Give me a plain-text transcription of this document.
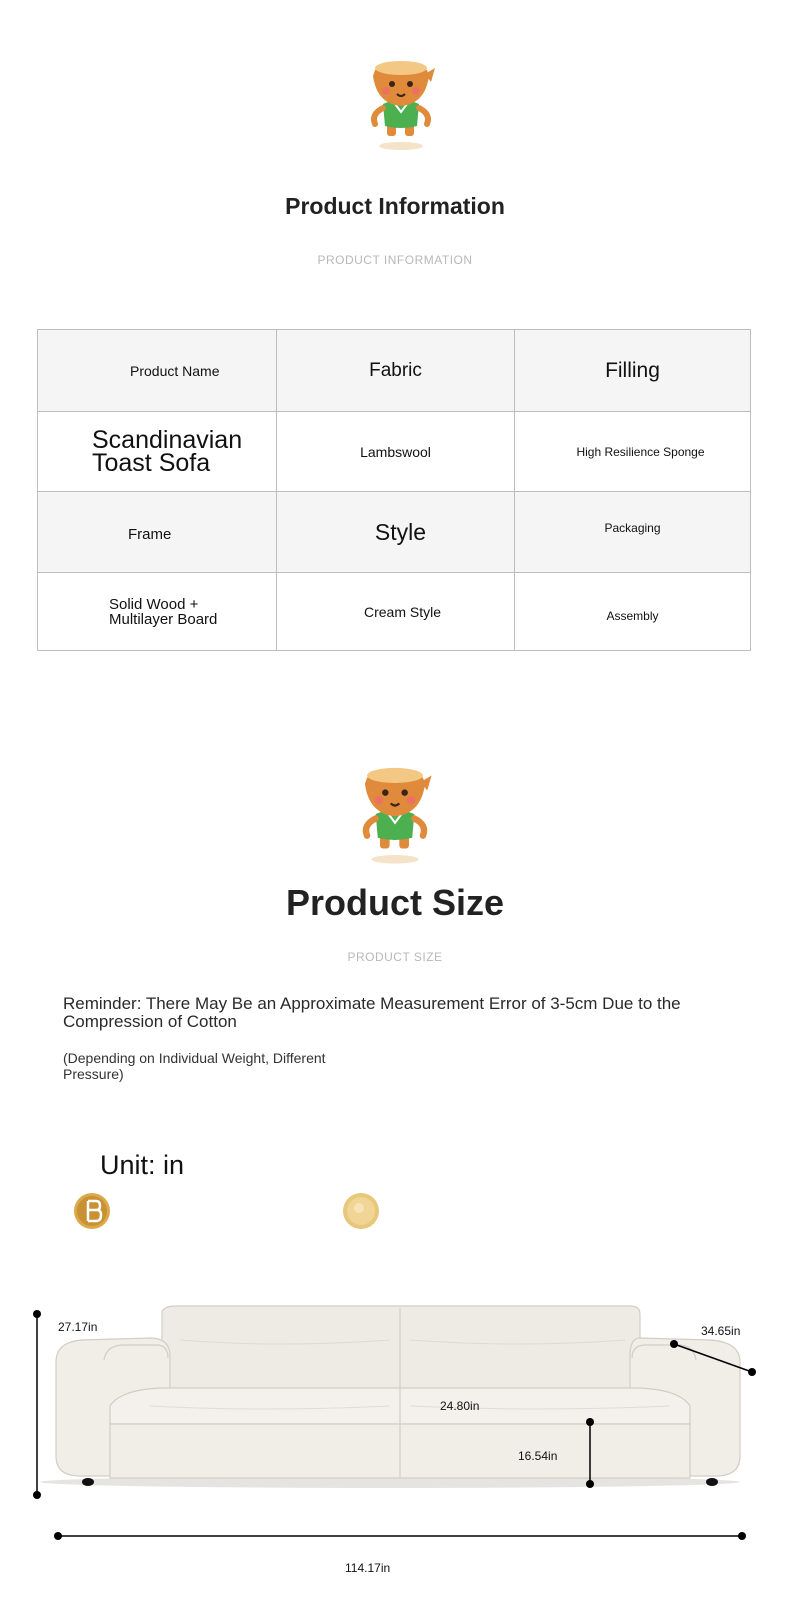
Product Information
PRODUCT INFORMATION
Product Name	Fabric	Filling
Scandinavian Toast Sofa	Lambswool	High Resilience Sponge
Frame	Style	Packaging
Solid Wood + Multilayer Board	Cream Style	Assembly
Product Size
PRODUCT SIZE
Reminder: There May Be an Approximate Measurement Error of 3-5cm Due to the Compression of Cotton
(Depending on Individual Weight, Different Pressure)
Unit: in
27.17in	34.65in
24.80in
16.54in
114.17in
